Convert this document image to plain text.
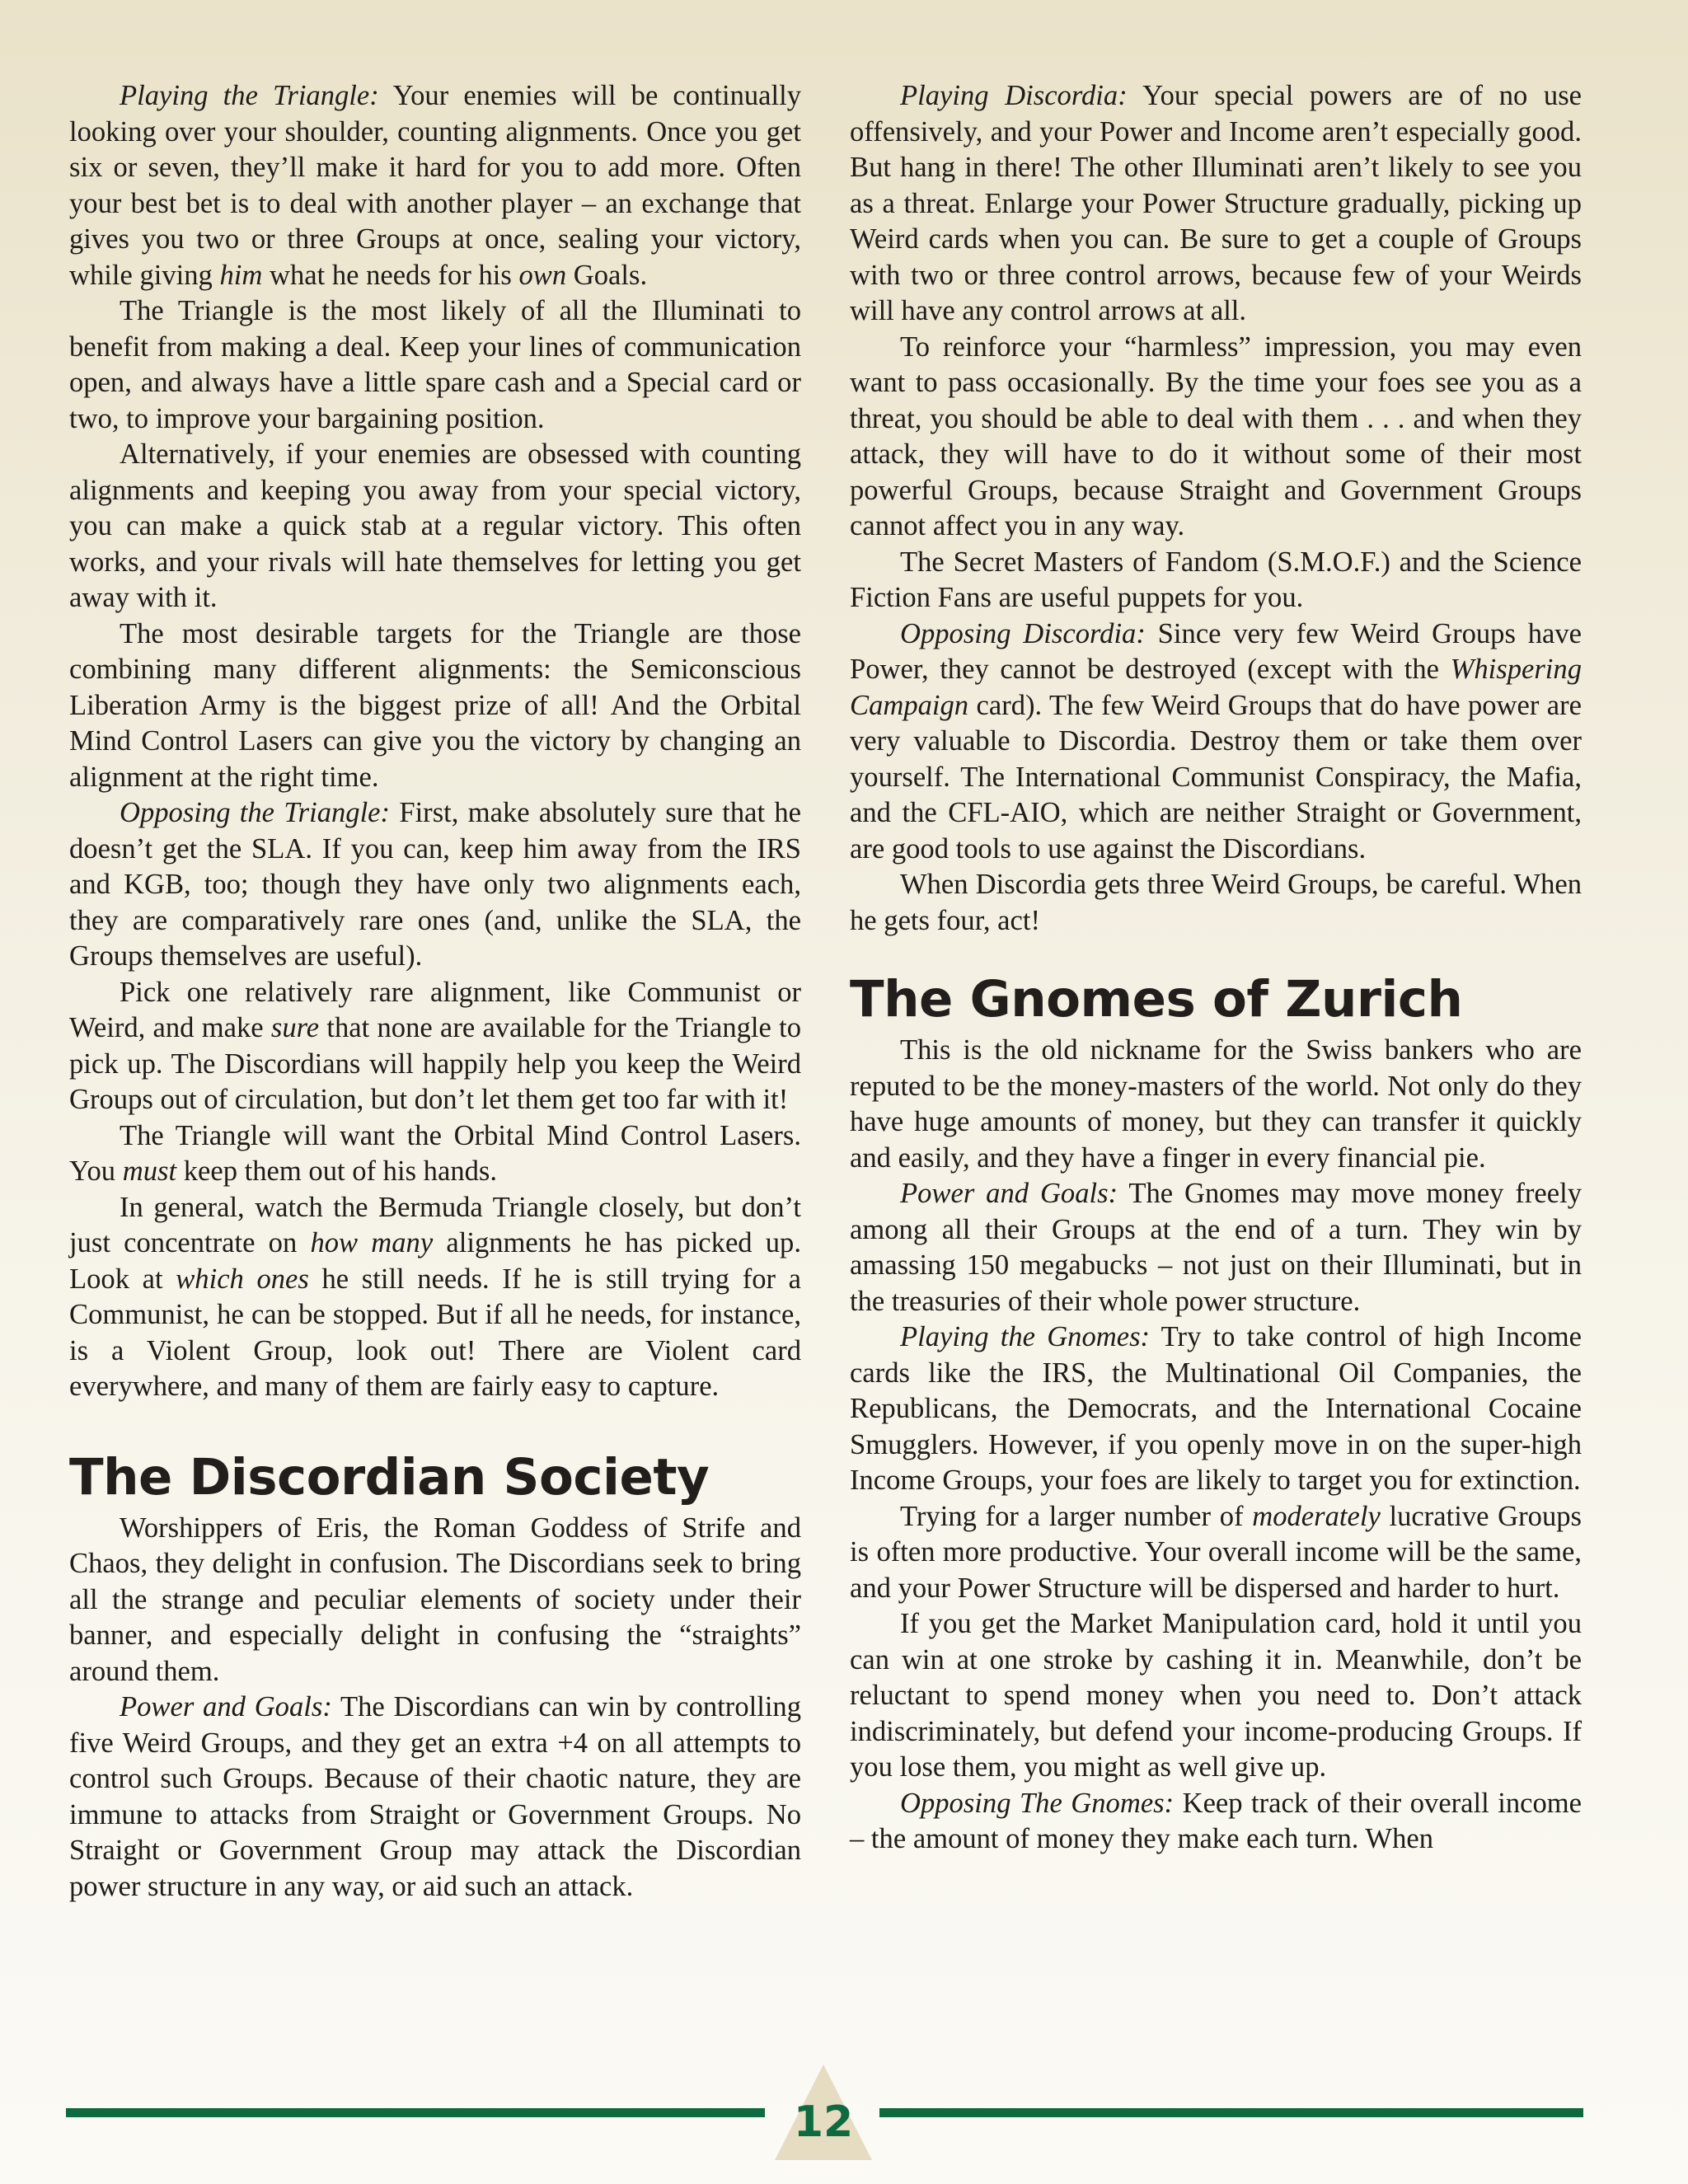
Playing the Triangle: Your enemies will be continually looking over your shoulder, counting alignments. Once you get six or seven, they’ll make it hard for you to add more. Often your best bet is to deal with another player – an exchange that gives you two or three Groups at once, sealing your victory, while giving him what he needs for his own Goals.

The Triangle is the most likely of all the Illuminati to benefit from making a deal. Keep your lines of communication open, and always have a little spare cash and a Special card or two, to improve your bargaining position.

Alternatively, if your enemies are obsessed with counting alignments and keeping you away from your special victory, you can make a quick stab at a regular victory. This often works, and your rivals will hate themselves for letting you get away with it.

The most desirable targets for the Triangle are those combining many different alignments: the Semiconscious Liberation Army is the biggest prize of all! And the Orbital Mind Control Lasers can give you the victory by changing an alignment at the right time.

Opposing the Triangle: First, make absolutely sure that he doesn’t get the SLA. If you can, keep him away from the IRS and KGB, too; though they have only two alignments each, they are comparatively rare ones (and, unlike the SLA, the Groups themselves are useful).

Pick one relatively rare alignment, like Communist or Weird, and make sure that none are available for the Triangle to pick up. The Discordians will happily help you keep the Weird Groups out of circulation, but don’t let them get too far with it!

The Triangle will want the Orbital Mind Control Lasers. You must keep them out of his hands.

In general, watch the Bermuda Triangle closely, but don’t just concentrate on how many alignments he has picked up. Look at which ones he still needs. If he is still trying for a Communist, he can be stopped. But if all he needs, for instance, is a Violent Group, look out! There are Violent card everywhere, and many of them are fairly easy to capture.

The Discordian Society

Worshippers of Eris, the Roman Goddess of Strife and Chaos, they delight in confusion. The Discordians seek to bring all the strange and peculiar elements of society under their banner, and especially delight in confusing the “straights” around them.

Power and Goals: The Discordians can win by controlling five Weird Groups, and they get an extra +4 on all attempts to control such Groups. Because of their chaotic nature, they are immune to attacks from Straight or Government Groups. No Straight or Government Group may attack the Discordian power structure in any way, or aid such an attack.

Playing Discordia: Your special powers are of no use offensively, and your Power and Income aren’t especially good. But hang in there! The other Illuminati aren’t likely to see you as a threat. Enlarge your Power Structure gradually, picking up Weird cards when you can. Be sure to get a couple of Groups with two or three control arrows, because few of your Weirds will have any control arrows at all.

To reinforce your “harmless” impression, you may even want to pass occasionally. By the time your foes see you as a threat, you should be able to deal with them . . . and when they attack, they will have to do it without some of their most powerful Groups, because Straight and Government Groups cannot affect you in any way.

The Secret Masters of Fandom (S.M.O.F.) and the Science Fiction Fans are useful puppets for you.

Opposing Discordia: Since very few Weird Groups have Power, they cannot be destroyed (except with the Whispering Campaign card). The few Weird Groups that do have power are very valuable to Discordia. Destroy them or take them over yourself. The International Communist Conspiracy, the Mafia, and the CFL-AIO, which are neither Straight or Government, are good tools to use against the Discordians.

When Discordia gets three Weird Groups, be careful. When he gets four, act!

The Gnomes of Zurich

This is the old nickname for the Swiss bankers who are reputed to be the money-masters of the world. Not only do they have huge amounts of money, but they can transfer it quickly and easily, and they have a finger in every financial pie.

Power and Goals: The Gnomes may move money freely among all their Groups at the end of a turn. They win by amassing 150 megabucks – not just on their Illuminati, but in the treasuries of their whole power structure.

Playing the Gnomes: Try to take control of high Income cards like the IRS, the Multinational Oil Companies, the Republicans, the Democrats, and the International Cocaine Smugglers. However, if you openly move in on the super-high Income Groups, your foes are likely to target you for extinction.

Trying for a larger number of moderately lucrative Groups is often more productive. Your overall income will be the same, and your Power Structure will be dispersed and harder to hurt.

If you get the Market Manipulation card, hold it until you can win at one stroke by cashing it in. Meanwhile, don’t be reluctant to spend money when you need to. Don’t attack indiscriminately, but defend your income-producing Groups. If you lose them, you might as well give up.

Opposing The Gnomes: Keep track of their overall income – the amount of money they make each turn. When

12
